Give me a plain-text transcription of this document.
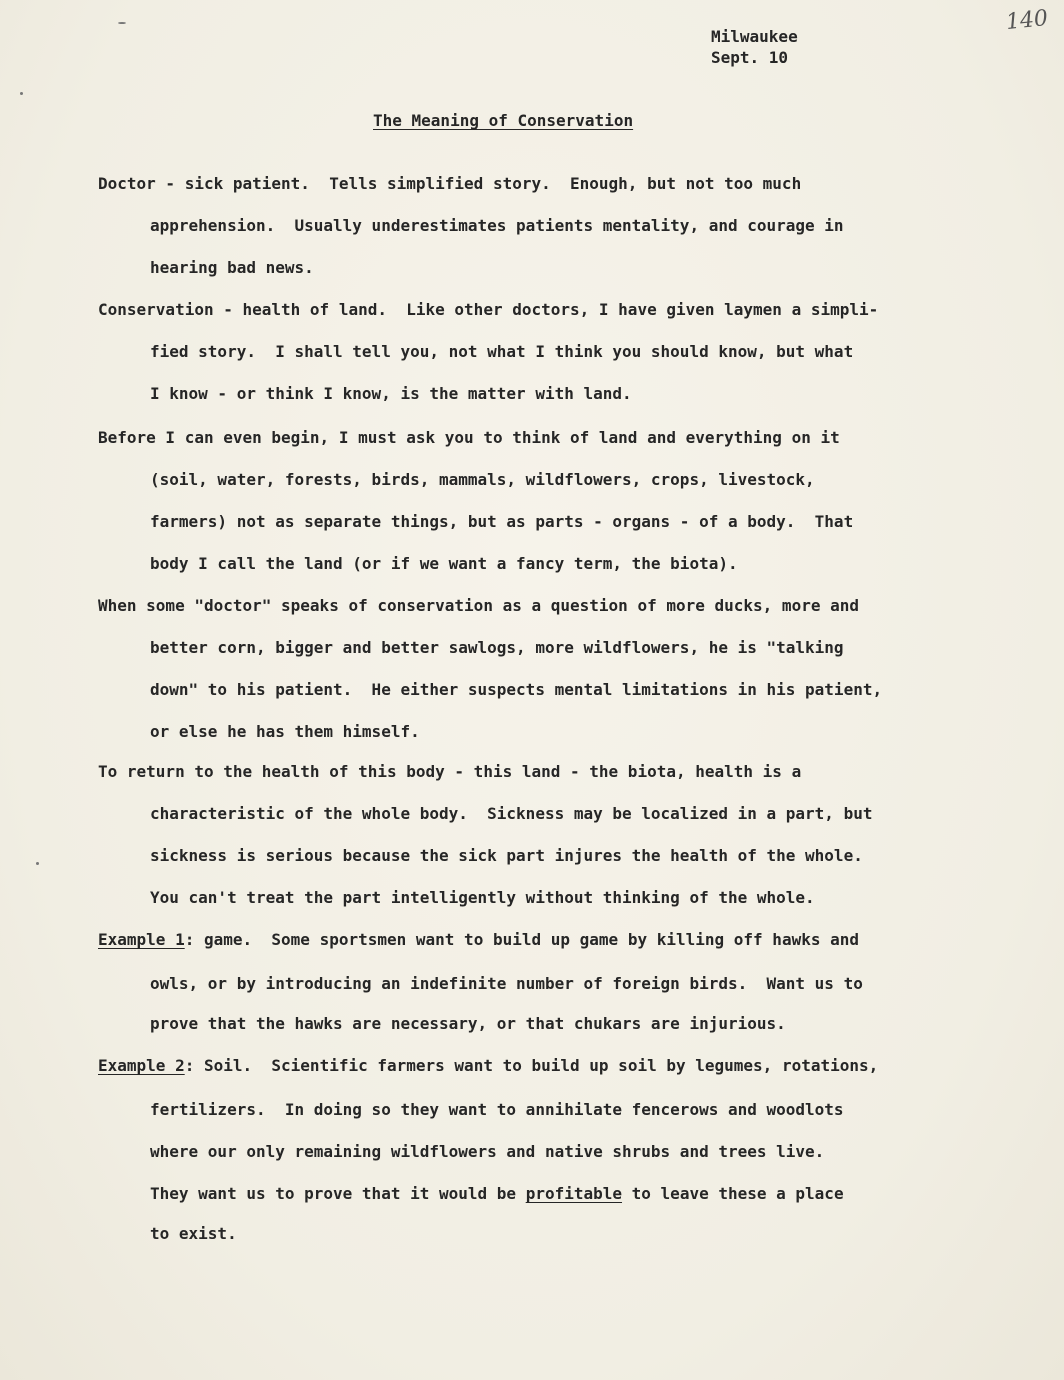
140
Milwaukee
Sept. 10
The Meaning of Conservation
Doctor - sick patient.  Tells simplified story.  Enough, but not too much
apprehension.  Usually underestimates patients mentality, and courage in
hearing bad news.
Conservation - health of land.  Like other doctors, I have given laymen a simpli-
fied story.  I shall tell you, not what I think you should know, but what
I know - or think I know, is the matter with land.
Before I can even begin, I must ask you to think of land and everything on it
(soil, water, forests, birds, mammals, wildflowers, crops, livestock,
farmers) not as separate things, but as parts - organs - of a body.  That
body I call the land (or if we want a fancy term, the biota).
When some "doctor" speaks of conservation as a question of more ducks, more and
better corn, bigger and better sawlogs, more wildflowers, he is "talking
down" to his patient.  He either suspects mental limitations in his patient,
or else he has them himself.
To return to the health of this body - this land - the biota, health is a
characteristic of the whole body.  Sickness may be localized in a part, but
sickness is serious because the sick part injures the health of the whole.
You can't treat the part intelligently without thinking of the whole.
Example 1: game.  Some sportsmen want to build up game by killing off hawks and
owls, or by introducing an indefinite number of foreign birds.  Want us to
prove that the hawks are necessary, or that chukars are injurious.
Example 2: Soil.  Scientific farmers want to build up soil by legumes, rotations,
fertilizers.  In doing so they want to annihilate fencerows and woodlots
where our only remaining wildflowers and native shrubs and trees live.
They want us to prove that it would be profitable to leave these a place
to exist.
